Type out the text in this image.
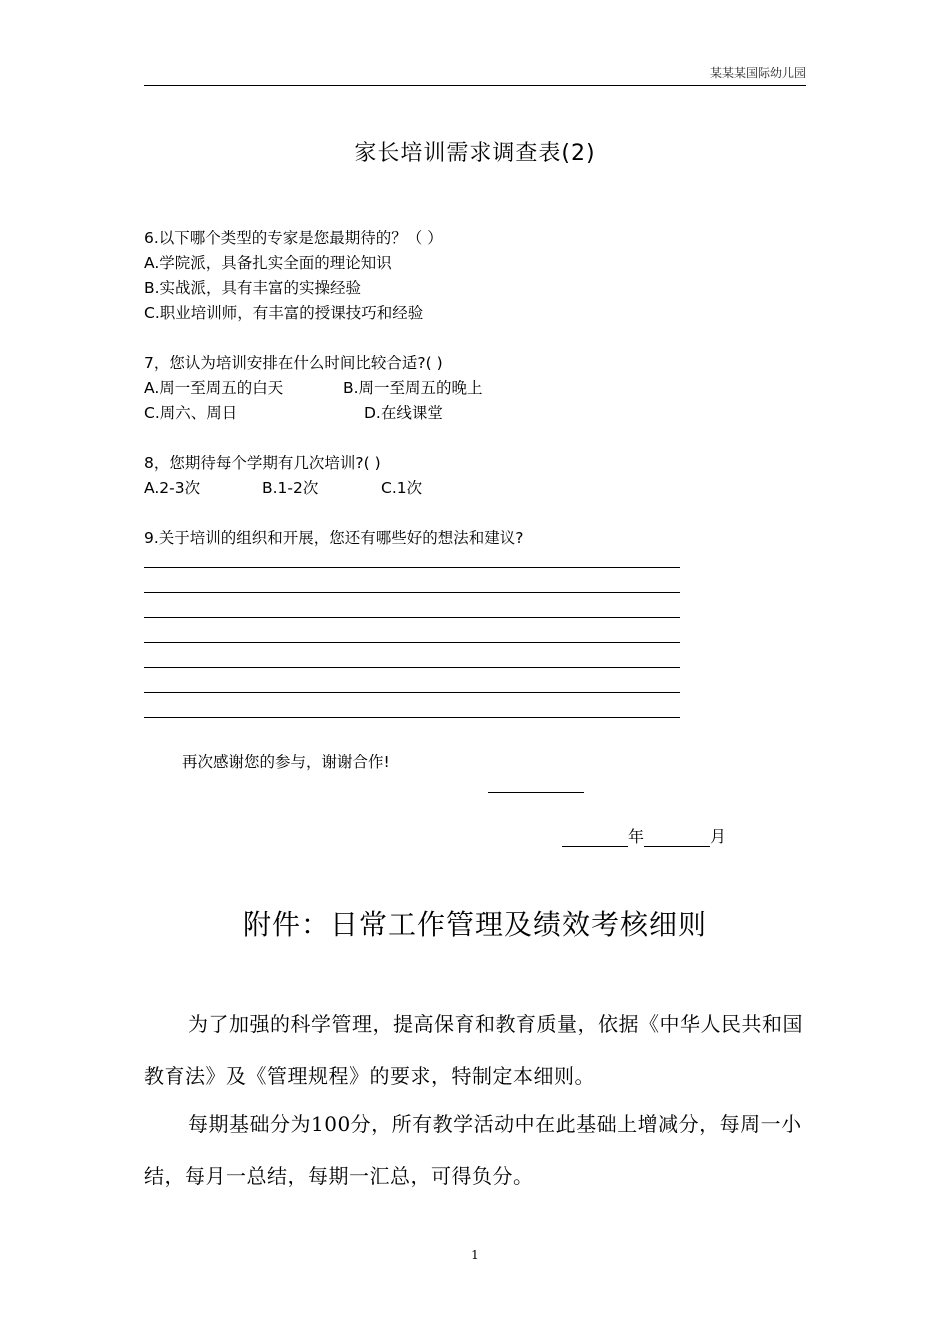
某某某国际幼儿园
家长培训需求调查表(2)
6.以下哪个类型的专家是您最期待的？（ ）
A.学院派，具备扎实全面的理论知识
B.实战派，具有丰富的实操经验
C.职业培训师，有丰富的授课技巧和经验
7，您认为培训安排在什么时间比较合适?( )
A.周一至周五的白天	B.周一至周五的晚上
C.周六、周日	D.在线课堂
8，您期待每个学期有几次培训?( )
A.2-3次	B.1-2次	C.1次
9.关于培训的组织和开展，您还有哪些好的想法和建议?
再次感谢您的参与，谢谢合作!
年	月
附件：日常工作管理及绩效考核细则
为了加强的科学管理，提高保育和教育质量，依据《中华人民共和国教育法》及《管理规程》的要求，特制定本细则。
每期基础分为100分，所有教学活动中在此基础上增减分，每周一小结，每月一总结，每期一汇总，可得负分。
1
